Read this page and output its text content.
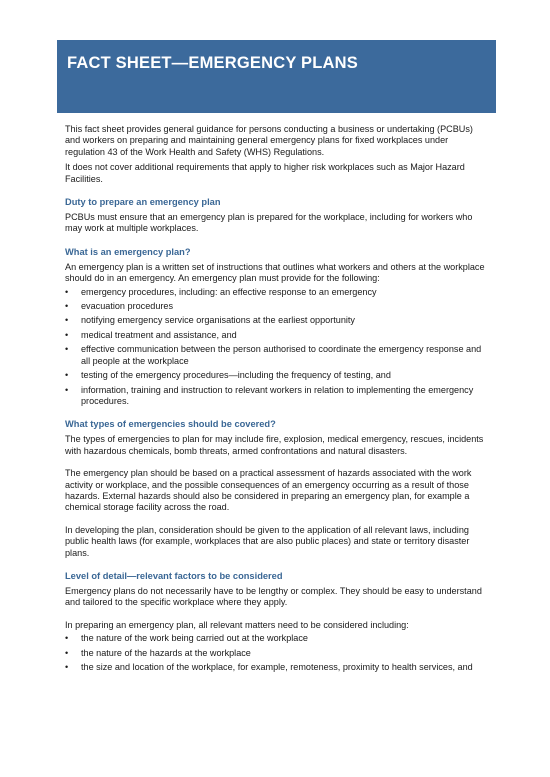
FACT SHEET—EMERGENCY PLANS

This fact sheet provides general guidance for persons conducting a business or undertaking (PCBUs) and workers on preparing and maintaining general emergency plans for fixed workplaces under regulation 43 of the Work Health and Safety (WHS) Regulations.

It does not cover additional requirements that apply to higher risk workplaces such as Major Hazard Facilities.

Duty to prepare an emergency plan

PCBUs must ensure that an emergency plan is prepared for the workplace, including for workers who may work at multiple workplaces.

What is an emergency plan?

An emergency plan is a written set of instructions that outlines what workers and others at the workplace should do in an emergency. An emergency plan must provide for the following:

• emergency procedures, including: an effective response to an emergency
• evacuation procedures
• notifying emergency service organisations at the earliest opportunity
• medical treatment and assistance, and
• effective communication between the person authorised to coordinate the emergency response and all people at the workplace
• testing of the emergency procedures—including the frequency of testing, and
• information, training and instruction to relevant workers in relation to implementing the emergency procedures.
What types of emergencies should be covered?

The types of emergencies to plan for may include fire, explosion, medical emergency, rescues, incidents with hazardous chemicals, bomb threats, armed confrontations and natural disasters.

The emergency plan should be based on a practical assessment of hazards associated with the work activity or workplace, and the possible consequences of an emergency occurring as a result of those hazards. External hazards should also be considered in preparing an emergency plan, for example a chemical storage facility across the road.

In developing the plan, consideration should be given to the application of all relevant laws, including public health laws (for example, workplaces that are also public places) and state or territory disaster plans.

Level of detail—relevant factors to be considered

Emergency plans do not necessarily have to be lengthy or complex. They should be easy to understand and tailored to the specific workplace where they apply.

In preparing an emergency plan, all relevant matters need to be considered including:

• the nature of the work being carried out at the workplace
• the nature of the hazards at the workplace
• the size and location of the workplace, for example, remoteness, proximity to health services, and
